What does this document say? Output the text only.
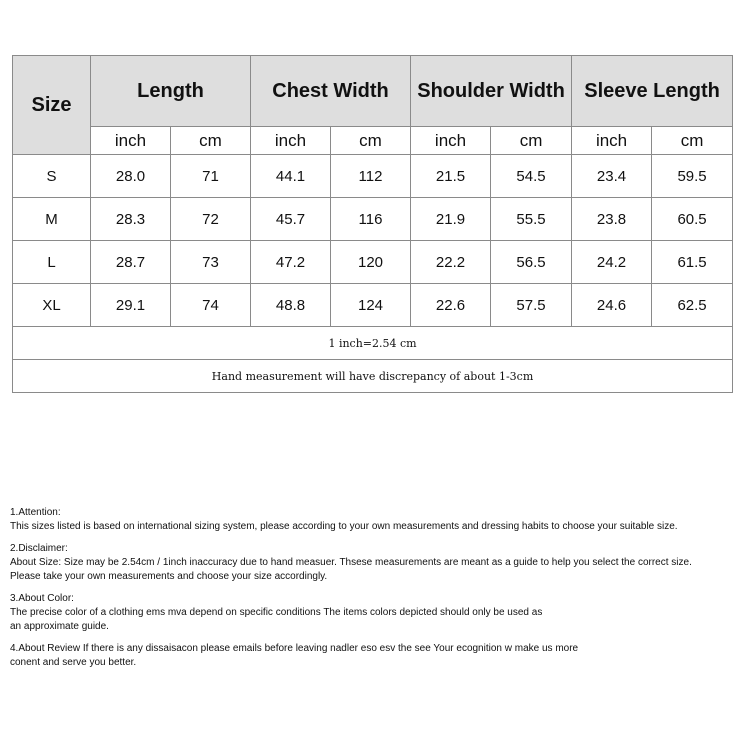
Size	Length		Chest Width		Shoulder Width		Sleeve Length	
	inch	cm	inch	cm	inch	cm	inch	cm
S	28.0	71	44.1	112	21.5	54.5	23.4	59.5
M	28.3	72	45.7	116	21.9	55.5	23.8	60.5
L	28.7	73	47.2	120	22.2	56.5	24.2	61.5
XL	29.1	74	48.8	124	22.6	57.5	24.6	62.5
1 inch=2.54 cm								
Hand measurement will have discrepancy of about 1-3cm								
1.Attention:
This sizes listed is based on international sizing system, please according to your own measurements and dressing habits to choose your suitable size.
2.Disclaimer:
About Size: Size may be 2.54cm / 1inch inaccuracy due to hand measuer. Thsese measurements are meant as a guide to help you select the correct size.
Please take your own measurements and choose your size accordingly.
3.About Color:
The precise color of a clothing ems mva depend on specific conditions The items colors depicted should only be used as
an approximate guide.
4.About Review If there is any dissaisacon please emails before leaving nadler eso esv the see Your ecognition w make us more
conent and serve you better.
